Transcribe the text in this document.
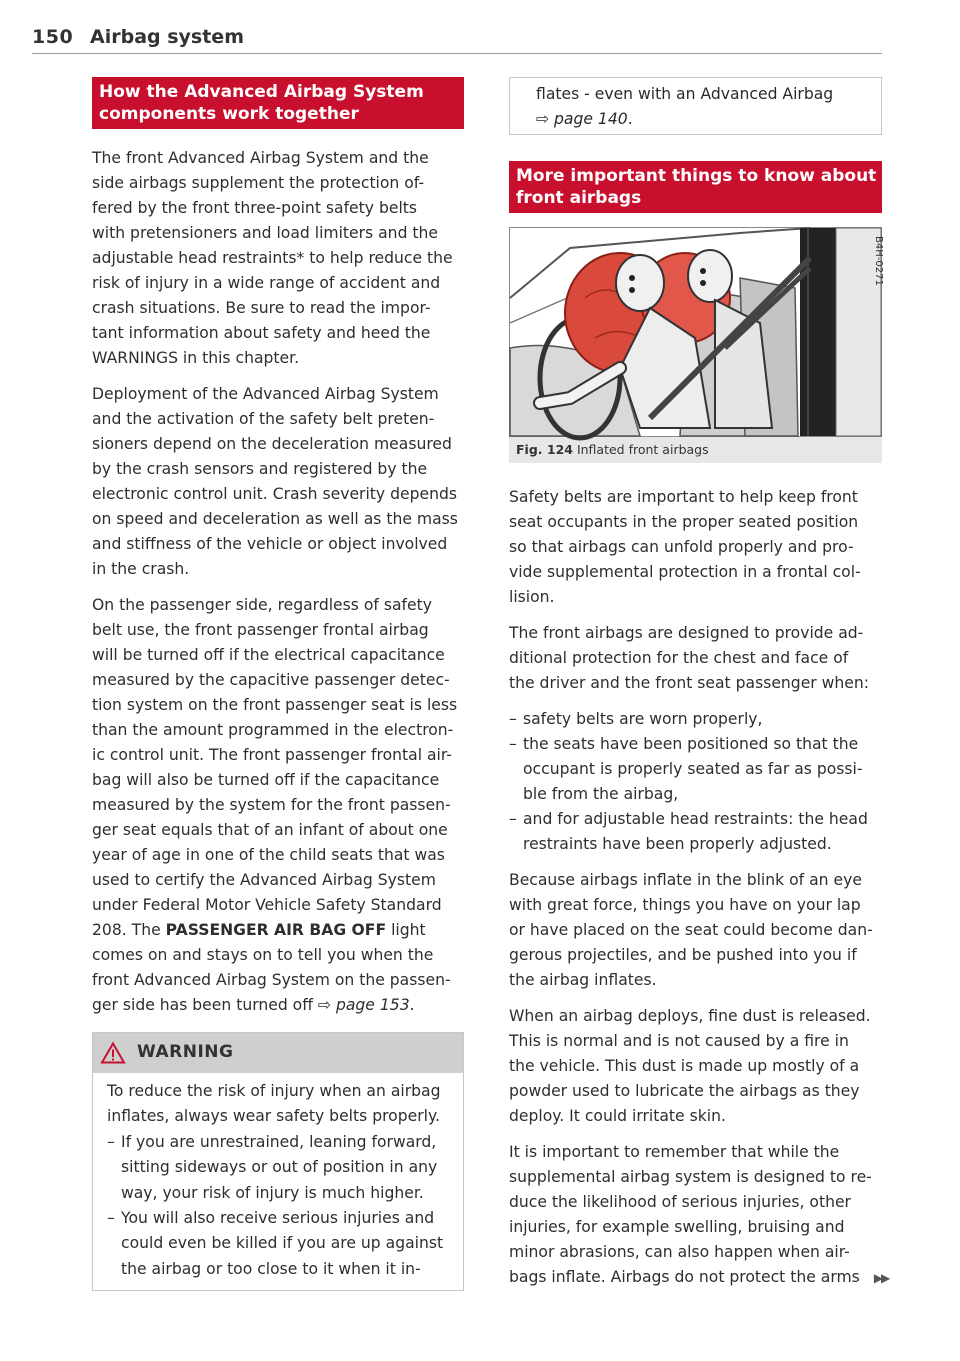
150 Airbag system
How the Advanced Airbag System
components work together
The front Advanced Airbag System and the
side airbags supplement the protection of-
fered by the front three-point safety belts
with pretensioners and load limiters and the
adjustable head restraints* to help reduce the
risk of injury in a wide range of accident and
crash situations. Be sure to read the impor-
tant information about safety and heed the
WARNINGS in this chapter.
Deployment of the Advanced Airbag System
and the activation of the safety belt preten-
sioners depend on the deceleration measured
by the crash sensors and registered by the
electronic control unit. Crash severity depends
on speed and deceleration as well as the mass
and stiffness of the vehicle or object involved
in the crash.
On the passenger side, regardless of safety
belt use, the front passenger frontal airbag
will be turned off if the electrical capacitance
measured by the capacitive passenger detec-
tion system on the front passenger seat is less
than the amount programmed in the electron-
ic control unit. The front passenger frontal air-
bag will also be turned off if the capacitance
measured by the system for the front passen-
ger seat equals that of an infant of about one
year of age in one of the child seats that was
used to certify the Advanced Airbag System
under Federal Motor Vehicle Safety Standard
208. The PASSENGER AIR BAG OFF light
comes on and stays on to tell you when the
front Advanced Airbag System on the passen-
ger side has been turned off ⇨ page 153.
WARNING
To reduce the risk of injury when an airbag
inflates, always wear safety belts properly.
– If you are unrestrained, leaning forward,
sitting sideways or out of position in any
way, your risk of injury is much higher.
– You will also receive serious injuries and
could even be killed if you are up against
the airbag or too close to it when it in-
flates - even with an Advanced Airbag
⇨ page 140.
More important things to know about
front airbags
B4H-0271
Fig. 124 Inflated front airbags
Safety belts are important to help keep front
seat occupants in the proper seated position
so that airbags can unfold properly and pro-
vide supplemental protection in a frontal col-
lision.
The front airbags are designed to provide ad-
ditional protection for the chest and face of
the driver and the front seat passenger when:
– safety belts are worn properly,
– the seats have been positioned so that the
occupant is properly seated as far as possi-
ble from the airbag,
– and for adjustable head restraints: the head
restraints have been properly adjusted.
Because airbags inflate in the blink of an eye
with great force, things you have on your lap
or have placed on the seat could become dan-
gerous projectiles, and be pushed into you if
the airbag inflates.
When an airbag deploys, fine dust is released.
This is normal and is not caused by a fire in
the vehicle. This dust is made up mostly of a
powder used to lubricate the airbags as they
deploy. It could irritate skin.
It is important to remember that while the
supplemental airbag system is designed to re-
duce the likelihood of serious injuries, other
injuries, for example swelling, bruising and
minor abrasions, can also happen when air-
bags inflate. Airbags do not protect the arms ▶▶
